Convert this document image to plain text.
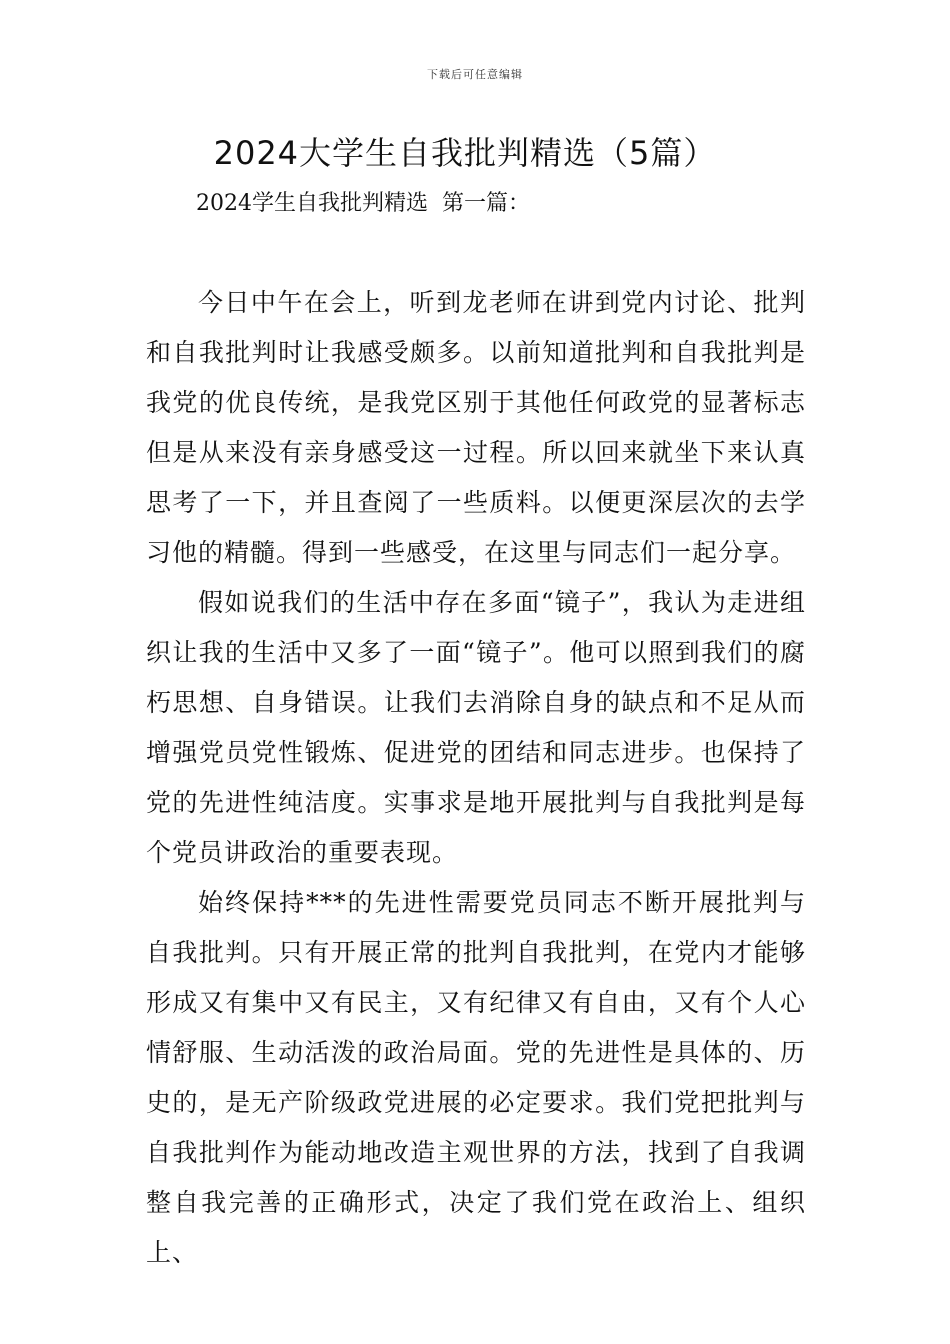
下载后可任意编辑
2024大学生自我批判精选（5篇）

2024学生自我批判精选  第一篇：

今日中午在会上，听到龙老师在讲到党内讨论、批判和自我批判时让我感受颇多。以前知道批判和自我批判是我党的优良传统，是我党区别于其他任何政党的显著标志但是从来没有亲身感受这一过程。所以回来就坐下来认真思考了一下，并且查阅了一些质料。以便更深层次的去学习他的精髓。得到一些感受，在这里与同志们一起分享。

假如说我们的生活中存在多面“镜子”，我认为走进组织让我的生活中又多了一面“镜子”。他可以照到我们的腐朽思想、自身错误。让我们去消除自身的缺点和不足从而增强党员党性锻炼、促进党的团结和同志进步。也保持了党的先进性纯洁度。实事求是地开展批判与自我批判是每个党员讲政治的重要表现。

始终保持***的先进性需要党员同志不断开展批判与自我批判。只有开展正常的批判自我批判，在党内才能够形成又有集中又有民主，又有纪律又有自由，又有个人心情舒服、生动活泼的政治局面。党的先进性是具体的、历史的，是无产阶级政党进展的必定要求。我们党把批判与自我批判作为能动地改造主观世界的方法，找到了自我调整自我完善的正确形式，决定了我们党在政治上、组织上、
